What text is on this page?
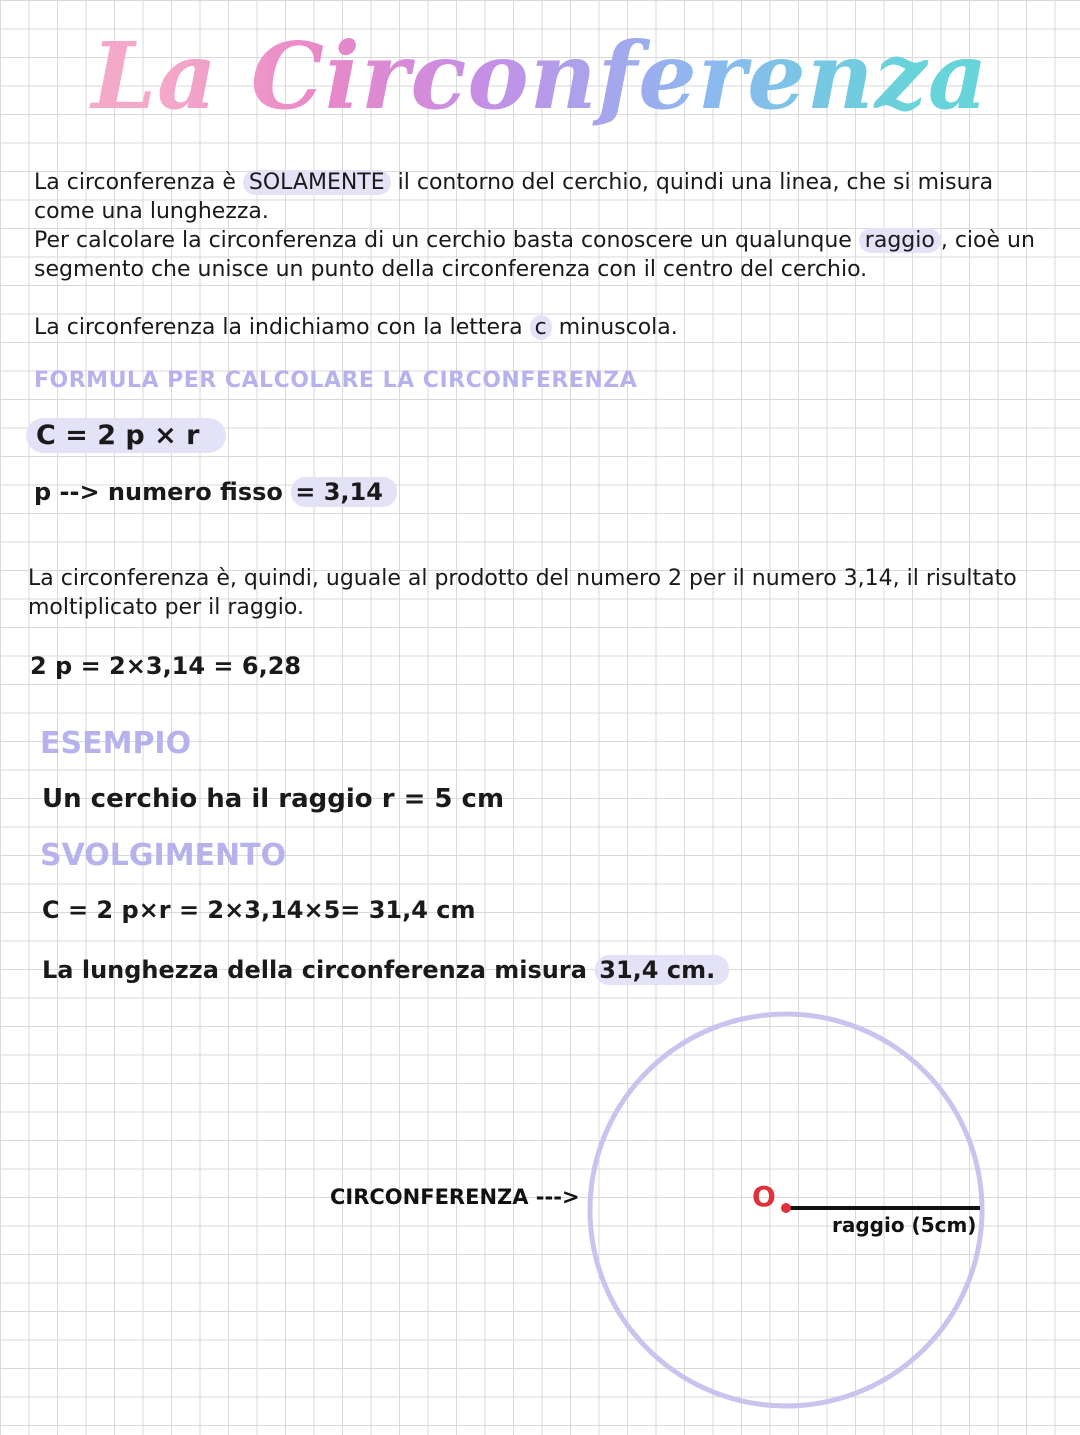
La Circonferenza
La circonferenza è SOLAMENTE il contorno del cerchio, quindi una linea, che si misura come una lunghezza.
Per calcolare la circonferenza di un cerchio basta conoscere un qualunque raggio , cioè un segmento che unisce un punto della circonferenza con il centro del cerchio.
La circonferenza la indichiamo con la lettera c minuscola.
FORMULA PER CALCOLARE LA CIRCONFERENZA
C = 2 p × r
p --> numero fisso = 3,14
La circonferenza è, quindi, uguale al prodotto del numero 2 per il numero 3,14, il risultato moltiplicato per il raggio.
2 p = 2×3,14 = 6,28
ESEMPIO
Un cerchio ha il raggio r = 5 cm
SVOLGIMENTO
C = 2 p×r = 2×3,14×5= 31,4 cm
La lunghezza della circonferenza misura 31,4 cm.
O
CIRCONFERENZA --->
raggio (5cm)
